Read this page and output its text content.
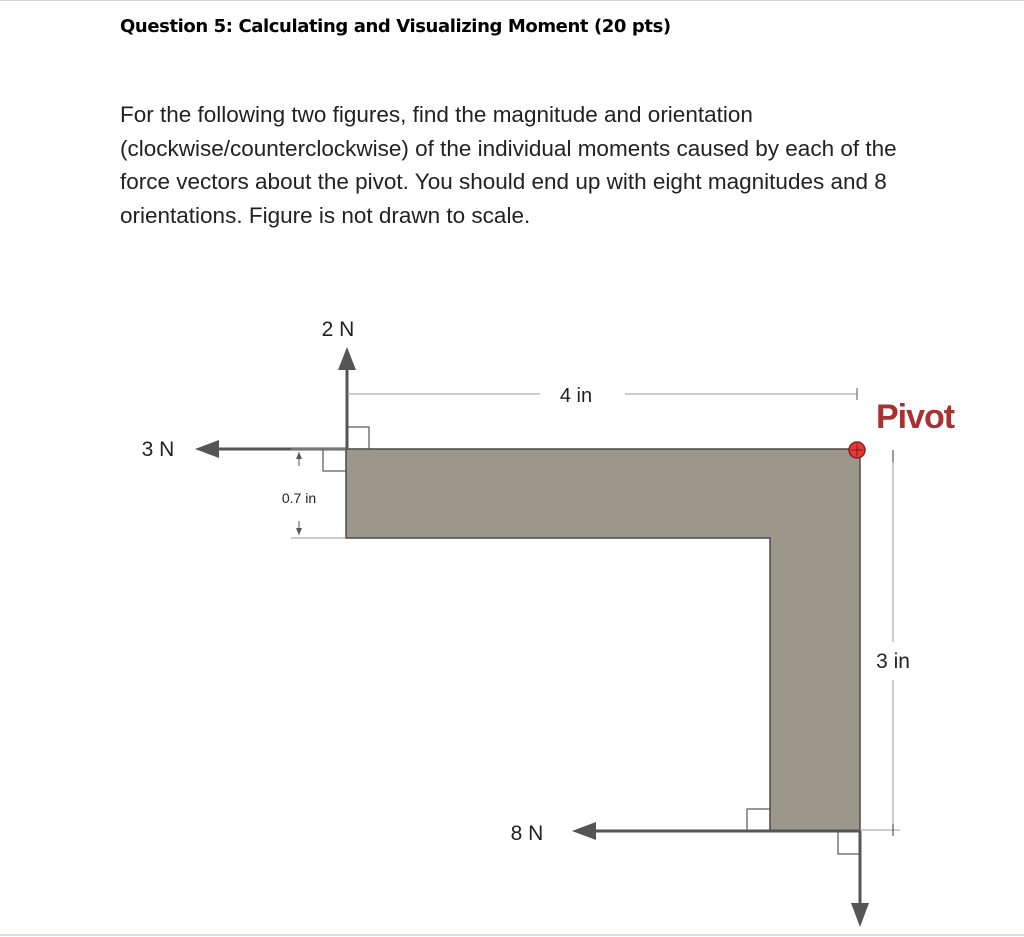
Question 5: Calculating and Visualizing Moment (20 pts)
For the following two figures, find the magnitude and orientation
(clockwise/counterclockwise) of the individual moments caused by each of the
force vectors about the pivot. You should end up with eight magnitudes and 8
orientations. Figure is not drawn to scale.
2 N
3 N
8 N
4 in
0.7 in
3 in
Pivot
